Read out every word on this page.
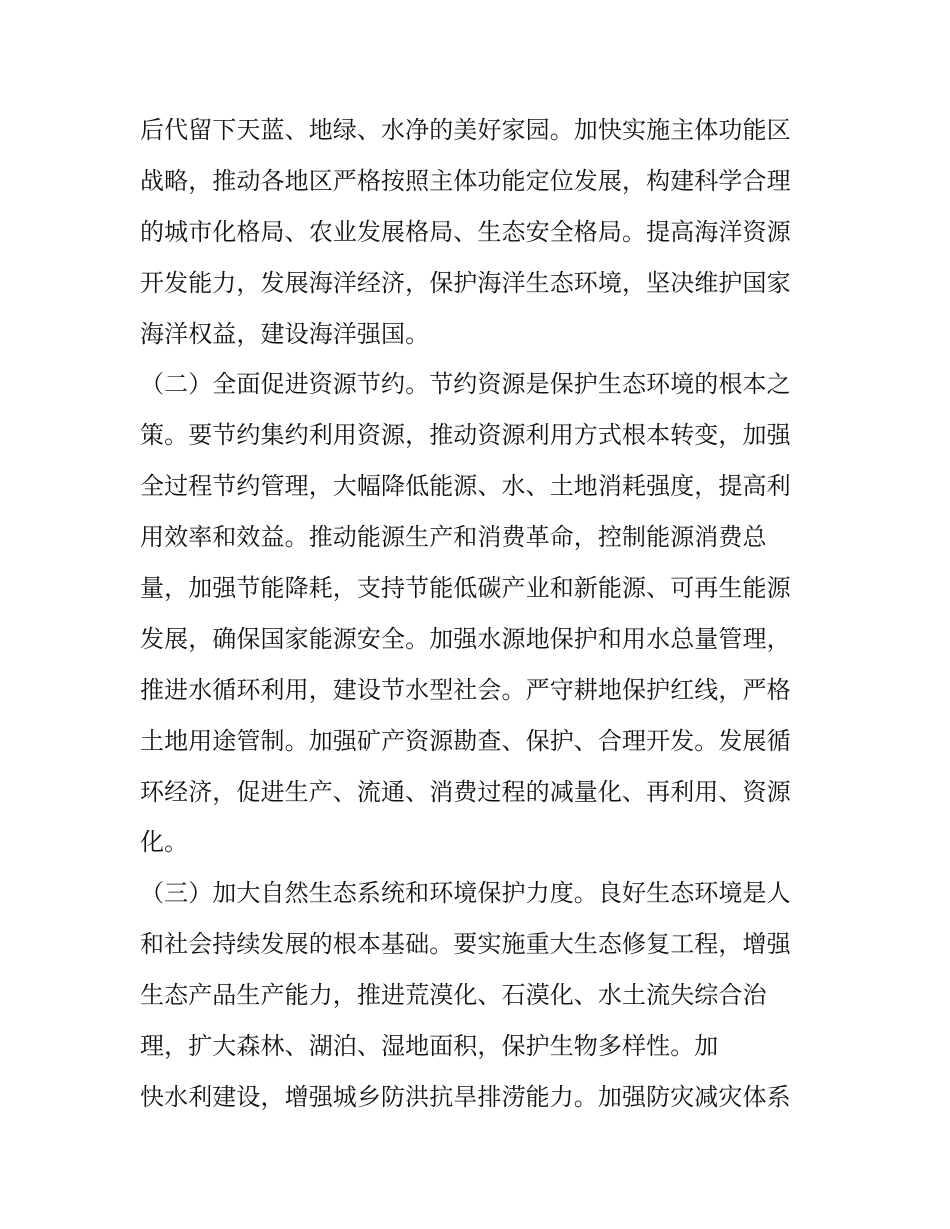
后代留下天蓝、地绿、水净的美好家园。加快实施主体功能区
战略，推动各地区严格按照主体功能定位发展，构建科学合理
的城市化格局、农业发展格局、生态安全格局。提高海洋资源
开发能力，发展海洋经济，保护海洋生态环境，坚决维护国家
海洋权益，建设海洋强国。
（二）全面促进资源节约。节约资源是保护生态环境的根本之
策。要节约集约利用资源，推动资源利用方式根本转变，加强
全过程节约管理，大幅降低能源、水、土地消耗强度，提高利
用效率和效益。推动能源生产和消费革命，控制能源消费总
量，加强节能降耗，支持节能低碳产业和新能源、可再生能源
发展，确保国家能源安全。加强水源地保护和用水总量管理，
推进水循环利用，建设节水型社会。严守耕地保护红线，严格
土地用途管制。加强矿产资源勘查、保护、合理开发。发展循
环经济，促进生产、流通、消费过程的减量化、再利用、资源
化。
（三）加大自然生态系统和环境保护力度。良好生态环境是人
和社会持续发展的根本基础。要实施重大生态修复工程，增强
生态产品生产能力，推进荒漠化、石漠化、水土流失综合治
理，扩大森林、湖泊、湿地面积，保护生物多样性。加
快水利建设，增强城乡防洪抗旱排涝能力。加强防灾减灾体系
